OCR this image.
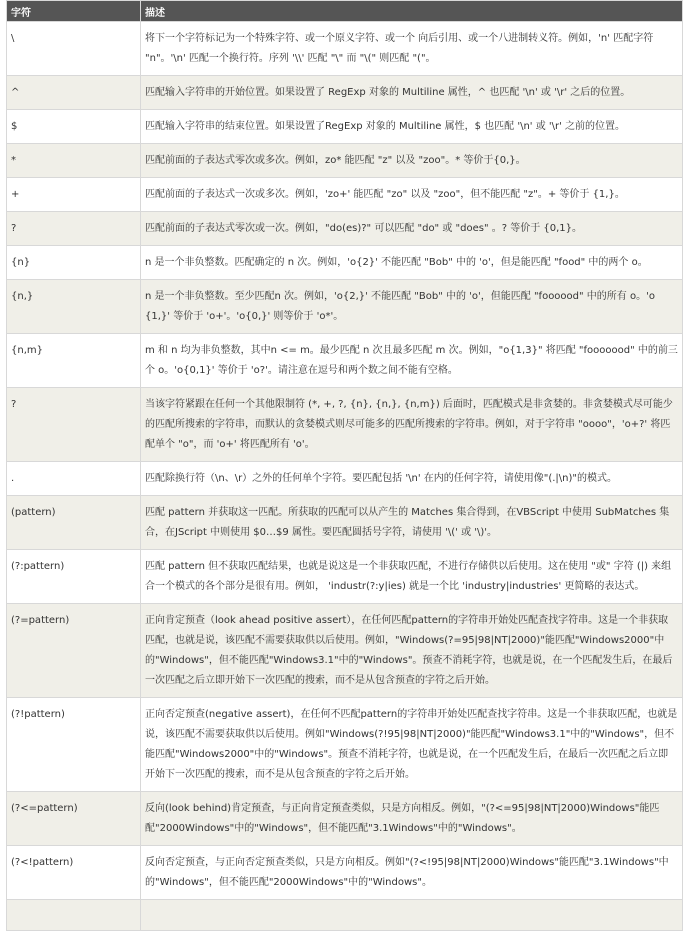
字符	描述
\	将下一个字符标记为一个特殊字符、或一个原义字符、或一个 向后引用、或一个八进制转义符。例如，'n' 匹配字符 "n"。'\n' 匹配一个换行符。序列 '\\' 匹配 "\" 而 "\(" 则匹配 "("。
^	匹配输入字符串的开始位置。如果设置了 RegExp 对象的 Multiline 属性，^ 也匹配 '\n' 或 '\r' 之后的位置。
$	匹配输入字符串的结束位置。如果设置了RegExp 对象的 Multiline 属性，$ 也匹配 '\n' 或 '\r' 之前的位置。
*	匹配前面的子表达式零次或多次。例如，zo* 能匹配 "z" 以及 "zoo"。* 等价于{0,}。
+	匹配前面的子表达式一次或多次。例如，'zo+' 能匹配 "zo" 以及 "zoo"，但不能匹配 "z"。+ 等价于 {1,}。
?	匹配前面的子表达式零次或一次。例如，"do(es)?" 可以匹配 "do" 或 "does" 。? 等价于 {0,1}。
{n}	n 是一个非负整数。匹配确定的 n 次。例如，'o{2}' 不能匹配 "Bob" 中的 'o'，但是能匹配 "food" 中的两个 o。
{n,}	n 是一个非负整数。至少匹配n 次。例如，'o{2,}' 不能匹配 "Bob" 中的 'o'，但能匹配 "foooood" 中的所有 o。'o{1,}' 等价于 'o+'。'o{0,}' 则等价于 'o*'。
{n,m}	m 和 n 均为非负整数，其中n <= m。最少匹配 n 次且最多匹配 m 次。例如，"o{1,3}" 将匹配 "fooooood" 中的前三个 o。'o{0,1}' 等价于 'o?'。请注意在逗号和两个数之间不能有空格。
?	当该字符紧跟在任何一个其他限制符 (*, +, ?, {n}, {n,}, {n,m}) 后面时，匹配模式是非贪婪的。非贪婪模式尽可能少的匹配所搜索的字符串，而默认的贪婪模式则尽可能多的匹配所搜索的字符串。例如，对于字符串 "oooo"，'o+?' 将匹配单个 "o"，而 'o+' 将匹配所有 'o'。
.	匹配除换行符（\n、\r）之外的任何单个字符。要匹配包括 '\n' 在内的任何字符，请使用像"(.|\n)"的模式。
(pattern)	匹配 pattern 并获取这一匹配。所获取的匹配可以从产生的 Matches 集合得到，在VBScript 中使用 SubMatches 集合，在JScript 中则使用 $0…$9 属性。要匹配圆括号字符，请使用 '\(' 或 '\)'。
(?:pattern)	匹配 pattern 但不获取匹配结果，也就是说这是一个非获取匹配，不进行存储供以后使用。这在使用 "或" 字符 (|) 来组合一个模式的各个部分是很有用。例如， 'industr(?:y|ies) 就是一个比 'industry|industries' 更简略的表达式。
(?=pattern)	正向肯定预查（look ahead positive assert），在任何匹配pattern的字符串开始处匹配查找字符串。这是一个非获取匹配，也就是说，该匹配不需要获取供以后使用。例如，"Windows(?=95|98|NT|2000)"能匹配"Windows2000"中的"Windows"，但不能匹配"Windows3.1"中的"Windows"。预查不消耗字符，也就是说，在一个匹配发生后，在最后一次匹配之后立即开始下一次匹配的搜索，而不是从包含预查的字符之后开始。
(?!pattern)	正向否定预查(negative assert)，在任何不匹配pattern的字符串开始处匹配查找字符串。这是一个非获取匹配，也就是说，该匹配不需要获取供以后使用。例如"Windows(?!95|98|NT|2000)"能匹配"Windows3.1"中的"Windows"，但不能匹配"Windows2000"中的"Windows"。预查不消耗字符，也就是说，在一个匹配发生后，在最后一次匹配之后立即开始下一次匹配的搜索，而不是从包含预查的字符之后开始。
(?<=pattern)	反向(look behind)肯定预查，与正向肯定预查类似，只是方向相反。例如，"(?<=95|98|NT|2000)Windows"能匹配"2000Windows"中的"Windows"，但不能匹配"3.1Windows"中的"Windows"。
(?<!pattern)	反向否定预查，与正向否定预查类似，只是方向相反。例如"(?<!95|98|NT|2000)Windows"能匹配"3.1Windows"中的"Windows"，但不能匹配"2000Windows"中的"Windows"。
